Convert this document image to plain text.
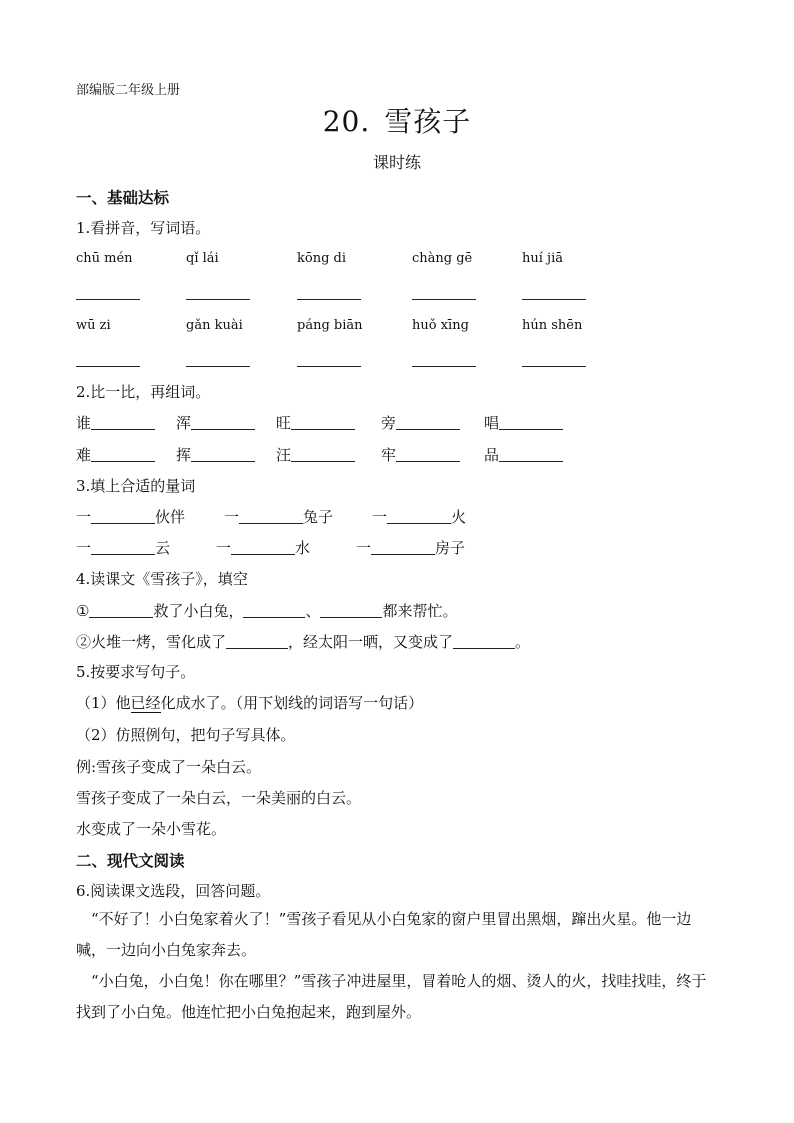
部编版二年级上册
20. 雪孩子
课时练
一、基础达标
1.看拼音，写词语。
chū mén	qǐ lái	kōng di	chàng gē	huí jiā
wū zi	gǎn kuài	páng biān	huǒ xīng	hún shēn
2.比一比，再组词。
谁	浑	旺	旁	唱
难	挥	汪	牢	品
3.填上合适的量词
一	伙伴	一	兔子	一	火
一	云	一	水	一	房子
4.读课文《雪孩子》，填空
①	救了小白兔，	、	都来帮忙。
②火堆一烤，雪化成了	，经太阳一晒，又变成了	。
5.按要求写句子。
（1）他已经化成水了。（用下划线的词语写一句话）
（2）仿照例句，把句子写具体。
例:雪孩子变成了一朵白云。
雪孩子变成了一朵白云，一朵美丽的白云。
水变成了一朵小雪花。
二、现代文阅读
6.阅读课文选段，回答问题。
“不好了！小白兔家着火了！”雪孩子看见从小白兔家的窗户里冒出黑烟，蹿出火星。他一边喊，一边向小白兔家奔去。
“小白兔，小白兔！你在哪里？”雪孩子冲进屋里，冒着呛人的烟、烫人的火，找哇找哇，终于找到了小白兔。他连忙把小白兔抱起来，跑到屋外。
